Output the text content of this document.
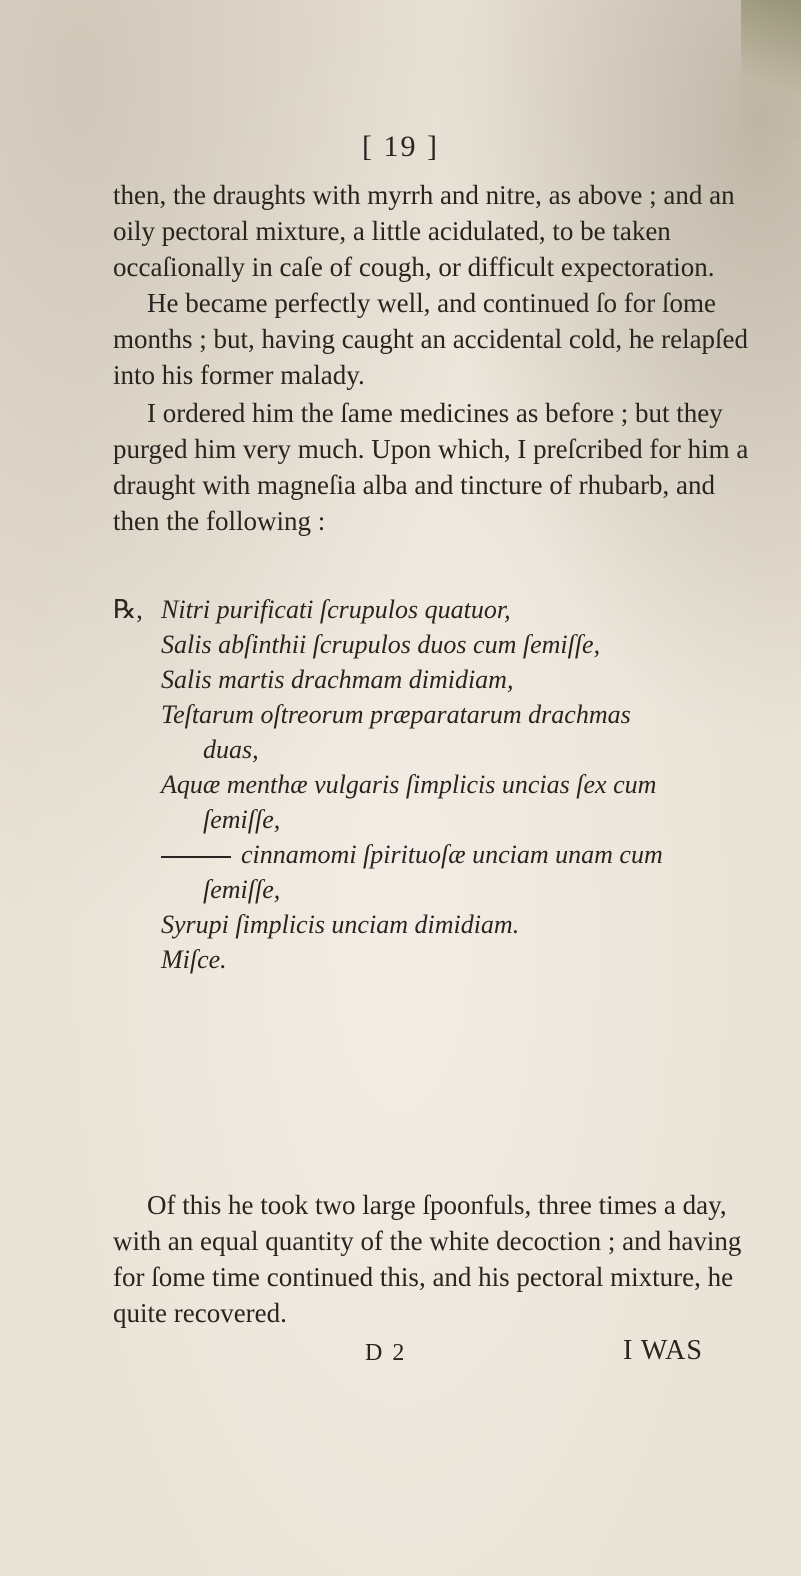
[ 19 ]

then, the draughts with myrrh and nitre, as above ; and an oily pectoral mixture, a little acidulated, to be taken occaſionally in caſe of cough, or difficult expectoration.

He became perfectly well, and continued ſo for ſome months ; but, having caught an accidental cold, he relapſed into his former malady.

I ordered him the ſame medicines as before ; but they purged him very much. Upon which, I preſcribed for him a draught with magneſia alba and tincture of rhubarb, and then the following :

℞, Nitri purificati ſcrupulos quatuor,

Salis abſinthii ſcrupulos duos cum ſemiſſe,

Salis martis drachmam dimidiam,

Teſtarum oſtreorum præparatarum drachmas

duas,

Aquæ menthæ vulgaris ſimplicis uncias ſex cum

ſemiſſe,

cinnamomi ſpirituoſæ unciam unam cum

ſemiſſe,

Syrupi ſimplicis unciam dimidiam.

Miſce.

Of this he took two large ſpoonfuls, three times a day, with an equal quantity of the white decoction ; and having for ſome time continued this, and his pectoral mixture, he quite recovered.

D 2	I WAS
